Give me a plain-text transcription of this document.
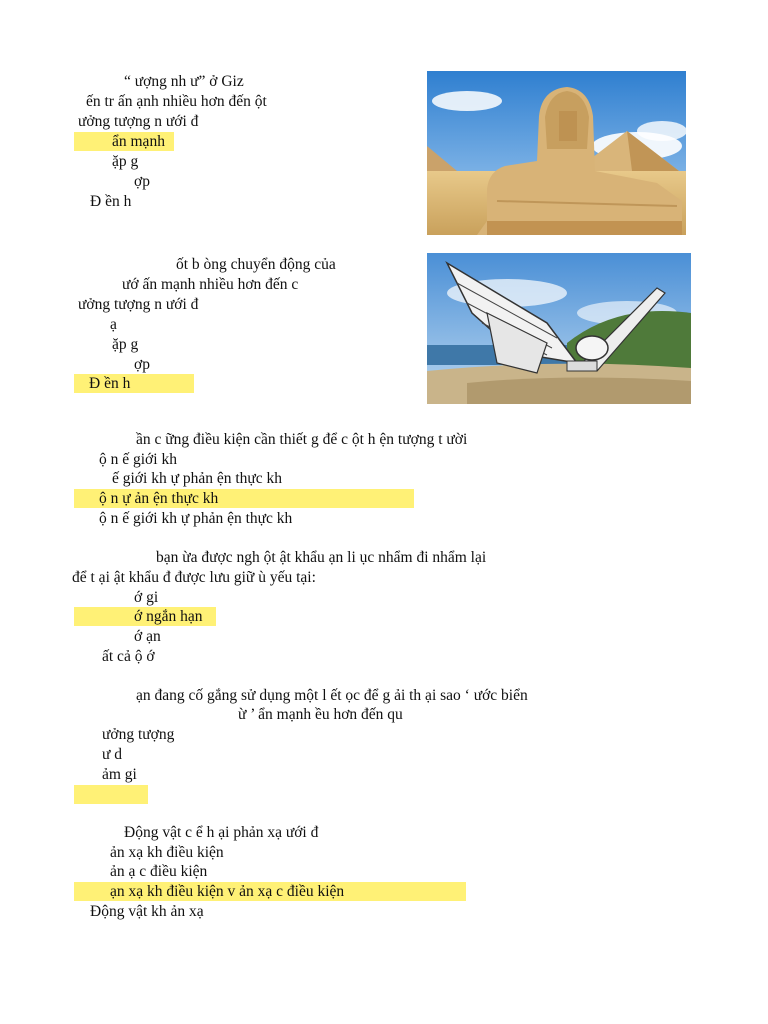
“ ượng nh ư” ở Giz
ến tr ấn ạnh nhiều hơn đến ột
ưởng tượng n ưới đ
ẩn mạnh
ặp g
ợp
Đ ền h
ốt b òng chuyển động của
ướ ấn mạnh nhiều hơn đến c
ưởng tượng n ưới đ
ạ
ặp g
ợp
Đ ền h
ần c ững điều kiện cần thiết g để c ột h ện tượng t ười
ộ n ế giới kh
ế giới kh ự phản ện thực kh
ộ n ự ản ện thực kh
ộ n ế giới kh ự phản ện thực kh
bạn ừa được ngh ột ật khẩu ạn li ục nhẩm đi nhẩm lại
để t ại ật khẩu đ được lưu giữ ù yếu tại:
ớ gi
ớ ngắn hạn
ớ ạn
ất cả ộ ớ
ạn đang cố gắng sử dụng một l ết ọc để g ải th ại sao ‘ ước biển
ừ ’ ẩn mạnh ều hơn đến qu
ưởng tượng
ư d
ảm gi
Động vật c ể h ại phản xạ ưới đ
ản xạ kh điều kiện
ản ạ c điều kiện
ạn xạ kh điều kiện v ản xạ c điều kiện
Động vật kh ản xạ
